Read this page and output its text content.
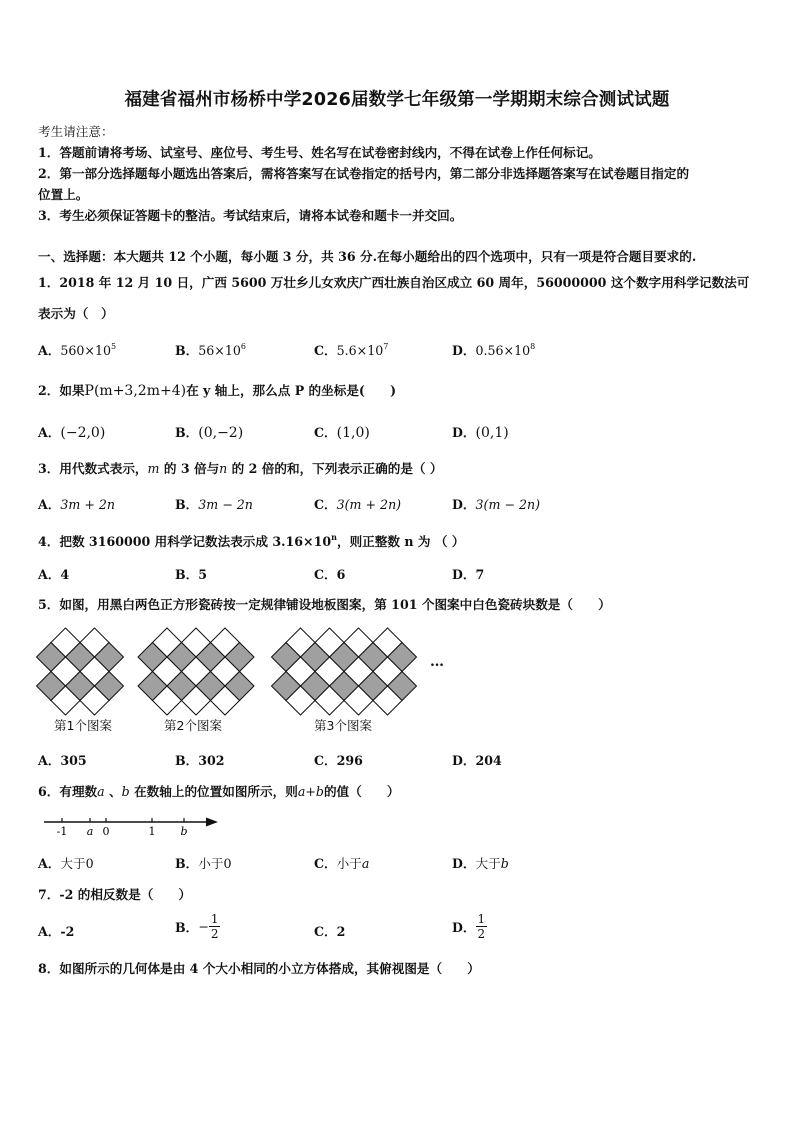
福建省福州市杨桥中学2026届数学七年级第一学期期末综合测试试题
考生请注意：
1．答题前请将考场、试室号、座位号、考生号、姓名写在试卷密封线内，不得在试卷上作任何标记。
2．第一部分选择题每小题选出答案后，需将答案写在试卷指定的括号内，第二部分非选择题答案写在试卷题目指定的
位置上。
3．考生必须保证答题卡的整洁。考试结束后，请将本试卷和题卡一并交回。
一、选择题：本大题共 12 个小题，每小题 3 分，共 36 分.在每小题给出的四个选项中，只有一项是符合题目要求的.
1．2018 年 12 月 10 日，广西 5600 万壮乡儿女欢庆广西壮族自治区成立 60 周年，56000000 这个数字用科学记数法可
表示为（　）
A．$560\times 10^5$	B．$56\times 10^6$	C．$5.6\times 10^7$	D．$0.56\times 10^8$
2．如果P(m+3,2m+4)在 y 轴上，那么点 P 的坐标是(　　)
A．(−2,0)	B．(0,−2)	C．(1,0)	D．(0,1)
3．用代数式表示，m 的 3 倍与n 的 2 倍的和，下列表示正确的是（ ）
A．3m + 2n	B．3m − 2n	C．3(m + 2n)	D．3(m − 2n)
4．把数 3160000 用科学记数法表示成 $3.16\times 10^n$，则正整数 n 为 （ ）
A．4	B．5	C．6	D．7
5．如图，用黑白两色正方形瓷砖按一定规律铺设地板图案，第 101 个图案中白色瓷砖块数是（　　）
…
第1个图案	第2个图案	第3个图案
A．305	B．302	C．296	D．204
6．有理数a 、b 在数轴上的位置如图所示，则a+b的值（　　）
-1 a 0	1 b
A．大于0	B．小于0	C．小于a	D．大于b
7．-2 的相反数是（　　）
A．-2	B．− $\frac{1}{2}$	C．2	D． $\frac{1}{2}$
8．如图所示的几何体是由 4 个大小相同的小立方体搭成，其俯视图是（　　）
